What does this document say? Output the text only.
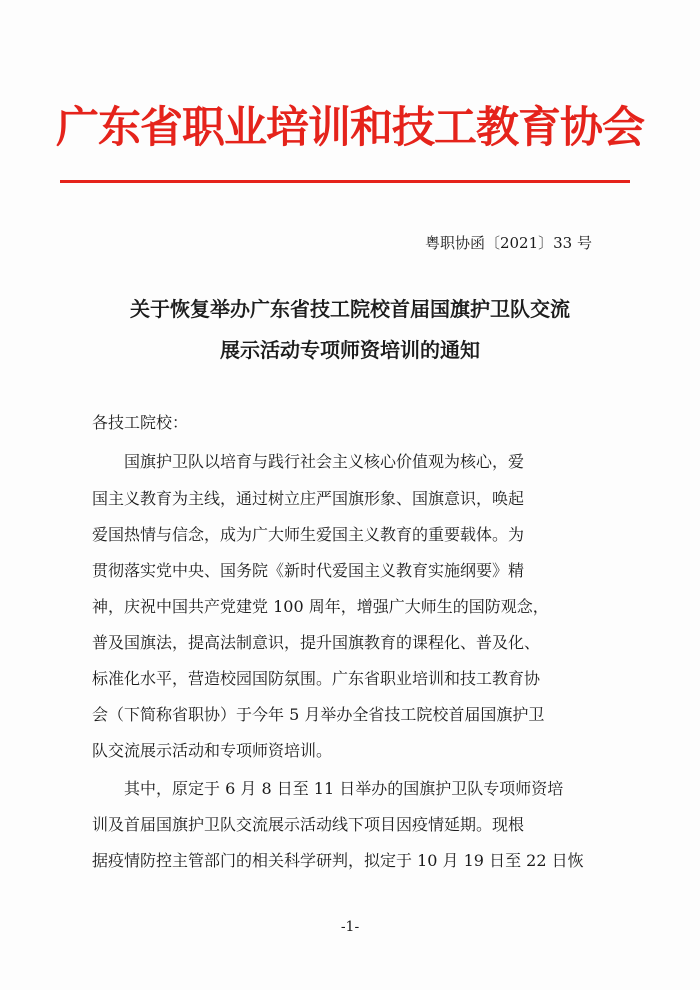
广东省职业培训和技工教育协会
粤职协函〔2021〕33 号
关于恢复举办广东省技工院校首届国旗护卫队交流
展示活动专项师资培训的通知
各技工院校：
国旗护卫队以培育与践行社会主义核心价值观为核心，爱
国主义教育为主线，通过树立庄严国旗形象、国旗意识，唤起
爱国热情与信念，成为广大师生爱国主义教育的重要载体。为
贯彻落实党中央、国务院《新时代爱国主义教育实施纲要》精
神，庆祝中国共产党建党 100 周年，增强广大师生的国防观念，
普及国旗法，提高法制意识，提升国旗教育的课程化、普及化、
标准化水平，营造校园国防氛围。广东省职业培训和技工教育协
会（下简称省职协）于今年 5 月举办全省技工院校首届国旗护卫
队交流展示活动和专项师资培训。
其中，原定于 6 月 8 日至 11 日举办的国旗护卫队专项师资培
训及首届国旗护卫队交流展示活动线下项目因疫情延期。现根
据疫情防控主管部门的相关科学研判，拟定于 10 月 19 日至 22 日恢
-1-
